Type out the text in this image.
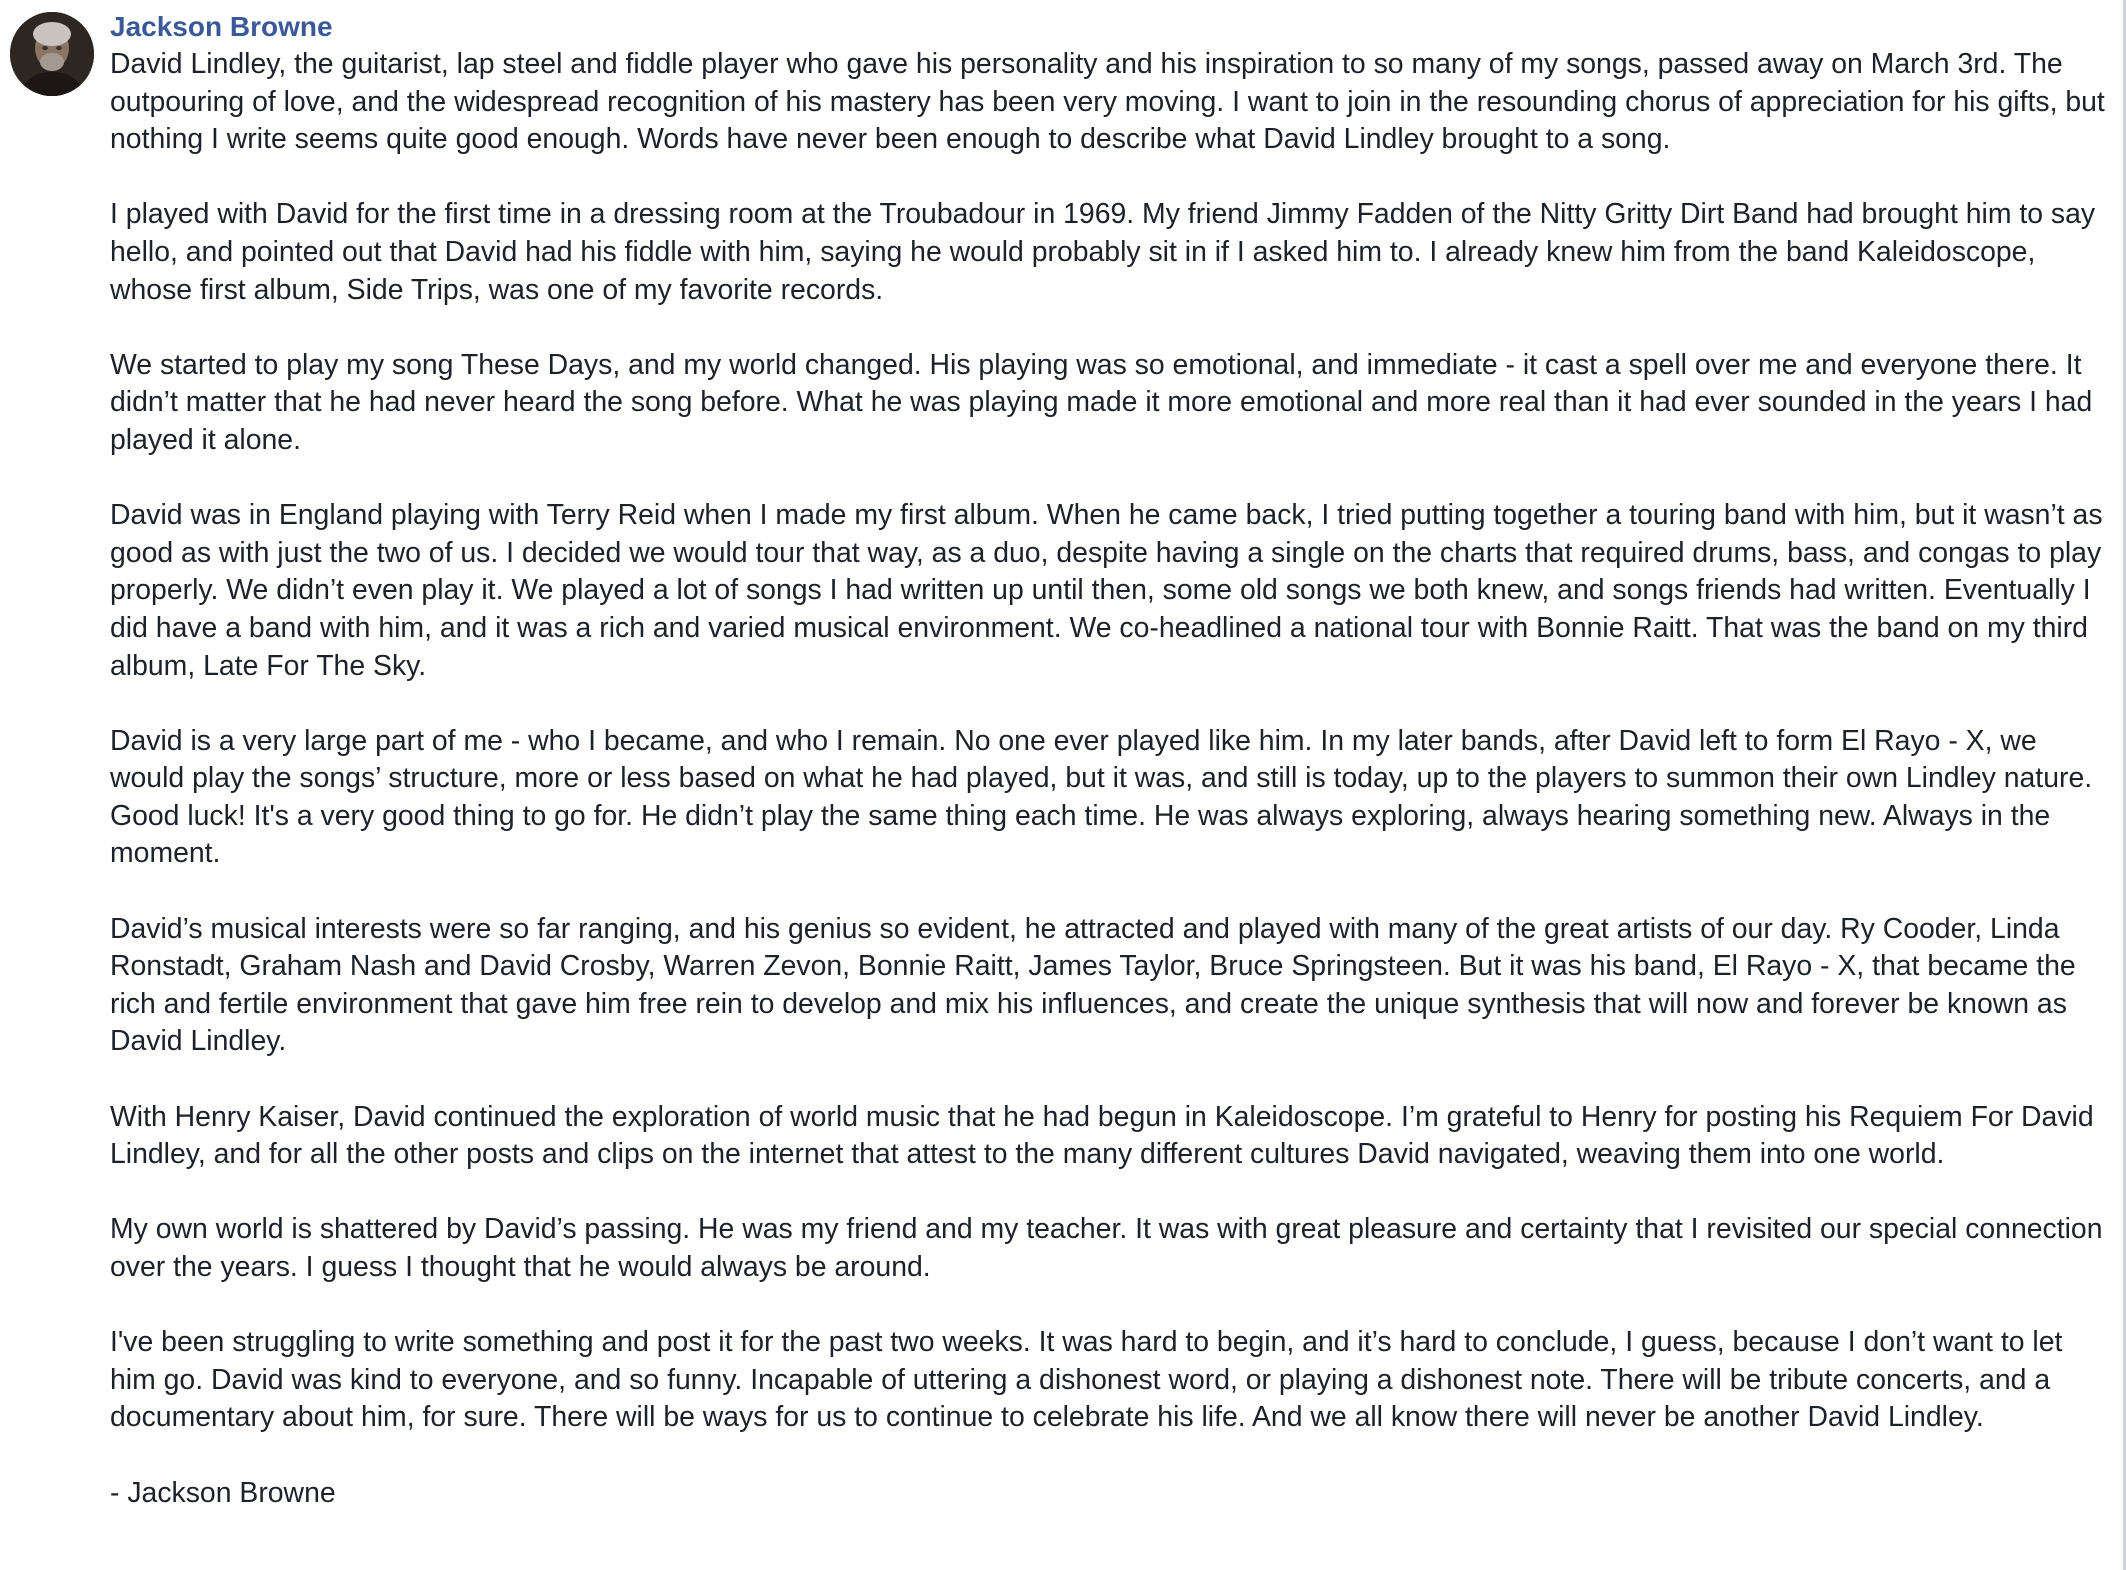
Jackson Browne

David Lindley, the guitarist, lap steel and fiddle player who gave his personality and his inspiration to so many of my songs, passed away on March 3rd. The outpouring of love, and the widespread recognition of his mastery has been very moving. I want to join in the resounding chorus of appreciation for his gifts, but nothing I write seems quite good enough. Words have never been enough to describe what David Lindley brought to a song.

I played with David for the first time in a dressing room at the Troubadour in 1969. My friend Jimmy Fadden of the Nitty Gritty Dirt Band had brought him to say hello, and pointed out that David had his fiddle with him, saying he would probably sit in if I asked him to. I already knew him from the band Kaleidoscope, whose first album, Side Trips, was one of my favorite records.

We started to play my song These Days, and my world changed. His playing was so emotional, and immediate - it cast a spell over me and everyone there. It didn’t matter that he had never heard the song before. What he was playing made it more emotional and more real than it had ever sounded in the years I had played it alone.

David was in England playing with Terry Reid when I made my first album. When he came back, I tried putting together a touring band with him, but it wasn’t as good as with just the two of us. I decided we would tour that way, as a duo, despite having a single on the charts that required drums, bass, and congas to play properly. We didn’t even play it. We played a lot of songs I had written up until then, some old songs we both knew, and songs friends had written. Eventually I did have a band with him, and it was a rich and varied musical environment. We co-headlined a national tour with Bonnie Raitt. That was the band on my third album, Late For The Sky.

David is a very large part of me - who I became, and who I remain. No one ever played like him. In my later bands, after David left to form El Rayo - X, we would play the songs’ structure, more or less based on what he had played, but it was, and still is today, up to the players to summon their own Lindley nature. Good luck! It's a very good thing to go for. He didn’t play the same thing each time. He was always exploring, always hearing something new. Always in the moment.

David’s musical interests were so far ranging, and his genius so evident, he attracted and played with many of the great artists of our day. Ry Cooder, Linda Ronstadt, Graham Nash and David Crosby, Warren Zevon, Bonnie Raitt, James Taylor, Bruce Springsteen. But it was his band, El Rayo - X, that became the rich and fertile environment that gave him free rein to develop and mix his influences, and create the unique synthesis that will now and forever be known as David Lindley.

With Henry Kaiser, David continued the exploration of world music that he had begun in Kaleidoscope. I’m grateful to Henry for posting his Requiem For David Lindley, and for all the other posts and clips on the internet that attest to the many different cultures David navigated, weaving them into one world.

My own world is shattered by David’s passing. He was my friend and my teacher. It was with great pleasure and certainty that I revisited our special connection over the years. I guess I thought that he would always be around.

I've been struggling to write something and post it for the past two weeks. It was hard to begin, and it’s hard to conclude, I guess, because I don’t want to let him go. David was kind to everyone, and so funny. Incapable of uttering a dishonest word, or playing a dishonest note. There will be tribute concerts, and a documentary about him, for sure. There will be ways for us to continue to celebrate his life. And we all know there will never be another David Lindley.

- Jackson Browne
